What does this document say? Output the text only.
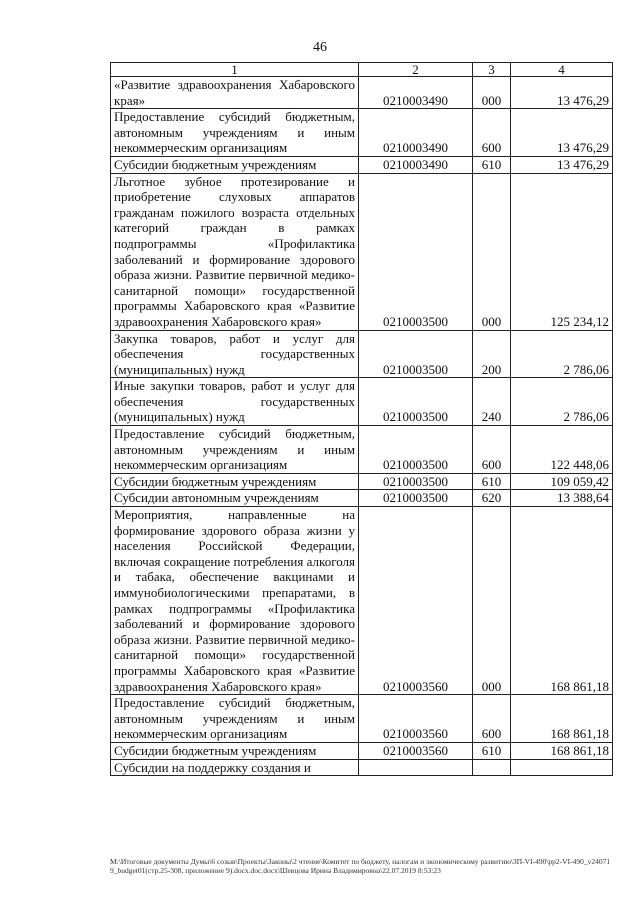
46
1	2	3	4
«Развитие здравоохранения Хабаровского края»	0210003490	000	13 476,29
Предоставление субсидий бюджетным, автономным учреждениям и иным некоммерческим организациям	0210003490	600	13 476,29
Субсидии бюджетным учреждениям	0210003490	610	13 476,29
Льготное зубное протезирование и приобретение слуховых аппаратов гражданам пожилого возраста отдельных категорий граждан в рамках подпрограммы «Профилактика заболеваний и формирование здорового образа жизни. Развитие первичной медико-санитарной помощи» государственной программы Хабаровского края «Развитие здравоохранения Хабаровского края»	0210003500	000	125 234,12
Закупка товаров, работ и услуг для обеспечения государственных (муниципальных) нужд	0210003500	200	2 786,06
Иные закупки товаров, работ и услуг для обеспечения государственных (муниципальных) нужд	0210003500	240	2 786,06
Предоставление субсидий бюджетным, автономным учреждениям и иным некоммерческим организациям	0210003500	600	122 448,06
Субсидии бюджетным учреждениям	0210003500	610	109 059,42
Субсидии автономным учреждениям	0210003500	620	13 388,64
Мероприятия, направленные на формирование здорового образа жизни у населения Российской Федерации, включая сокращение потребления алкоголя и табака, обеспечение вакцинами и иммунобиологическими препаратами, в рамках подпрограммы «Профилактика заболеваний и формирование здорового образа жизни. Развитие первичной медико-санитарной помощи» государственной программы Хабаровского края «Развитие здравоохранения Хабаровского края»	0210003560	000	168 861,18
Предоставление субсидий бюджетным, автономным учреждениям и иным некоммерческим организациям	0210003560	600	168 861,18
Субсидии бюджетным учреждениям	0210003560	610	168 861,18
Субсидии на поддержку создания и			
М:\Итоговые документы Думы\6 созыв\Проекты\Законы\2 чтение\Комитет по бюджету, налогам и экономическому развитию\ЗП-VI-490\рр2-VI-490_v240719_budget01(стр.25-308, приложение 9).docx.doc.docx\Шевцова Ирина Владимировна\22.07.2019 8:53:23
